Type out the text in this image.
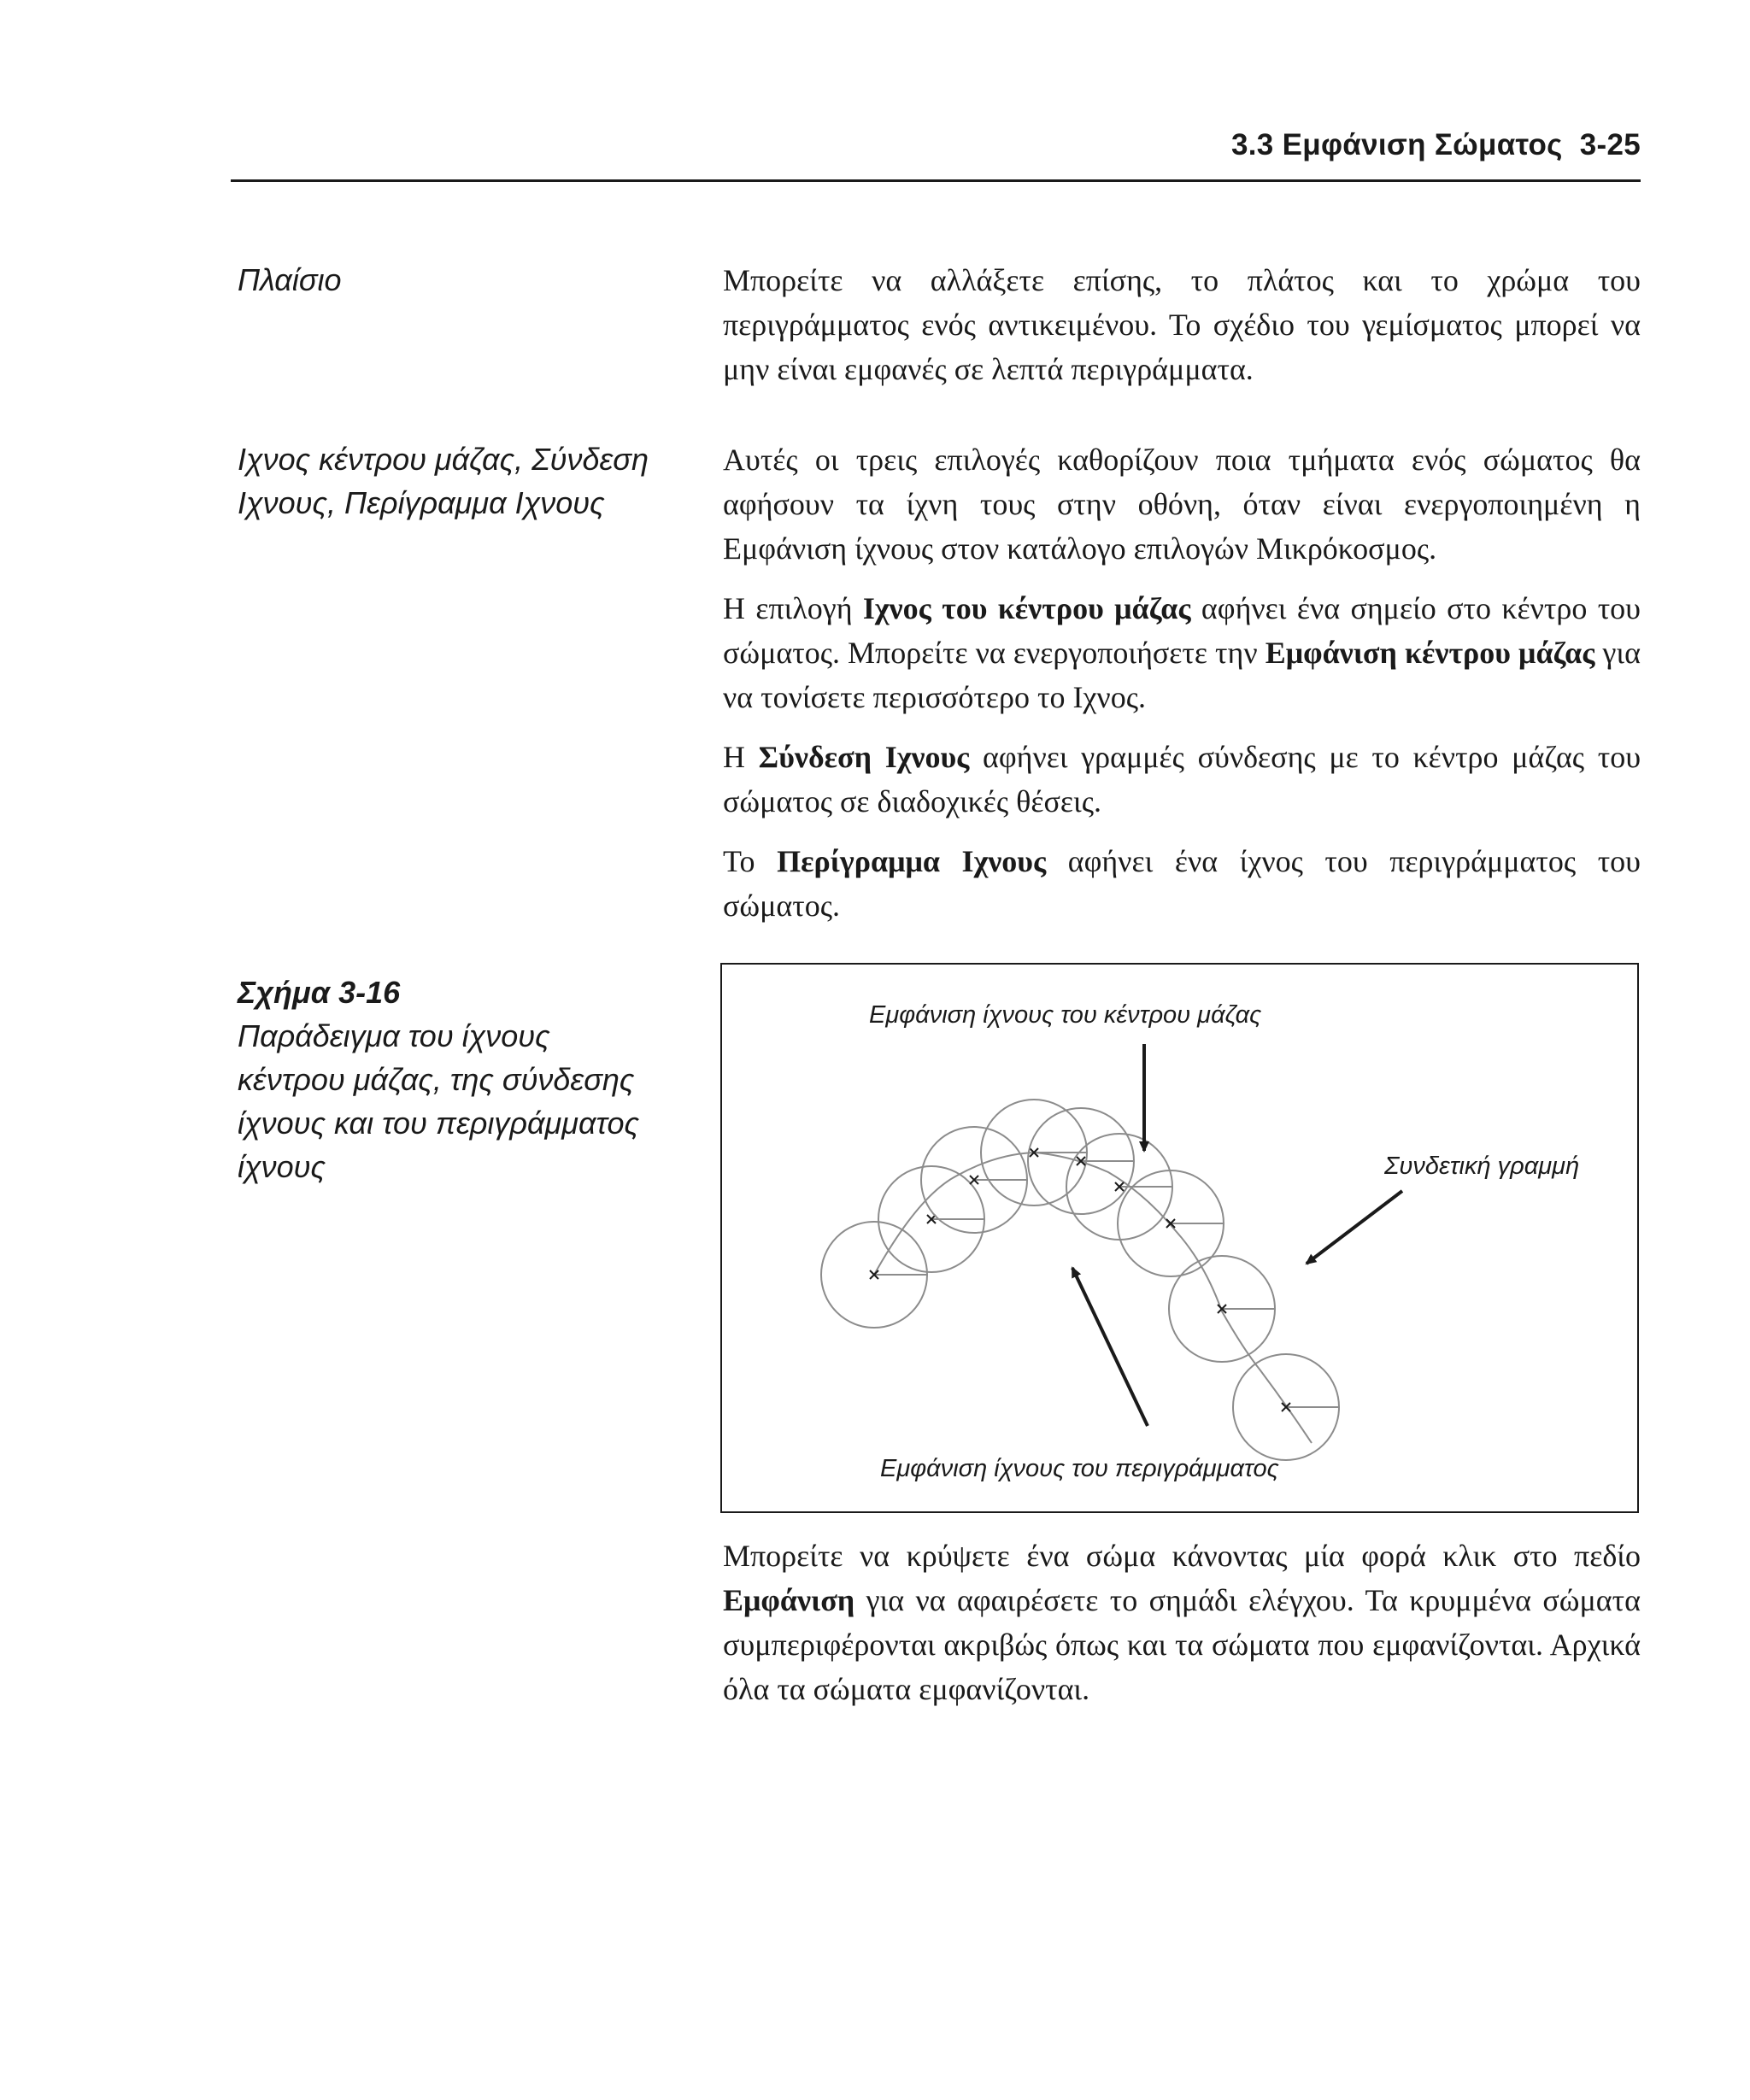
3.3 Εμφάνιση Σώματος 3-25
Πλαίσιο	Μπορείτε να αλλάξετε επίσης, το πλάτος και το χρώμα του περιγράμματος ενός αντικειμένου. Το σχέδιο του γεμίσματος μπορεί να μην είναι εμφανές σε λεπτά περιγράμματα.

Ιχνος κέντρου μάζας, Σύνδεση
Ιχνους, Περίγραμμα Ιχνους

Αυτές οι τρεις επιλογές καθορίζουν ποια τμήματα ενός σώματος θα αφήσουν τα ίχνη τους στην οθόνη, όταν είναι ενεργοποιημένη η Εμφάνιση ίχνους στον κατάλογο επιλογών Μικρόκοσμος.

Η επιλογή Ιχνος του κέντρου μάζας αφήνει ένα σημείο στο κέντρο του σώματος. Μπορείτε να ενεργοποιήσετε την Εμφάνιση κέντρου μάζας για να τονίσετε περισσότερο το Ιχνος.

Η Σύνδεση Ιχνους αφήνει γραμμές σύνδεσης με το κέντρο μάζας του σώματος σε διαδοχικές θέσεις.

Το Περίγραμμα Ιχνους αφήνει ένα ίχνος του περιγράμματος του σώματος.

Σχήμα 3-16
Παράδειγμα του ίχνους
κέντρου μάζας, της σύνδεσης
ίχνους και του περιγράμματος
ίχνους
Εμφάνιση ίχνους του κέντρου μάζας
Συνδετική γραμμή
Εμφάνιση ίχνους του περιγράμματος

Μπορείτε να κρύψετε ένα σώμα κάνοντας μία φορά κλικ στο πεδίο Εμφάνιση για να αφαιρέσετε το σημάδι ελέγχου. Τα κρυμμένα σώματα συμπεριφέρονται ακριβώς όπως και τα σώματα που εμφανίζονται. Αρχικά όλα τα σώματα εμφανίζονται.
